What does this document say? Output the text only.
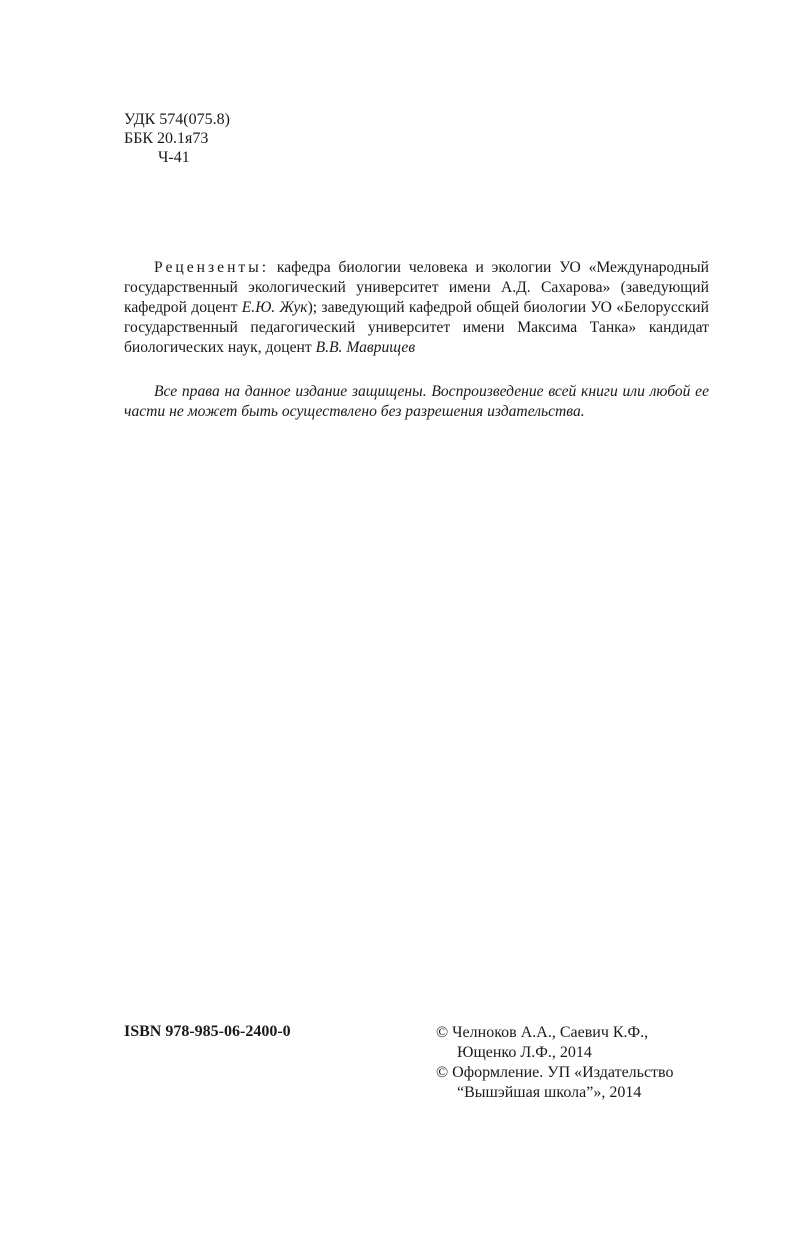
УДК 574(075.8)
ББК 20.1я73
Ч-41

Рецензенты: кафедра биологии человека и экологии УО «Международный государственный экологический университет имени А.Д. Сахарова» (заведующий кафедрой доцент Е.Ю. Жук); заведующий кафедрой общей биологии УО «Белорусский государственный педагогический университет имени Максима Танка» кандидат биологических наук, доцент В.В. Маврищев

Все права на данное издание защищены. Воспроизведение всей книги или любой ее части не может быть осуществлено без разрешения издательства.

ISBN 978-985-06-2400-0	© Челноков А.А., Саевич К.Ф.,
Ющенко Л.Ф., 2014
© Оформление. УП «Издательство
“Вышэйшая школа”», 2014
